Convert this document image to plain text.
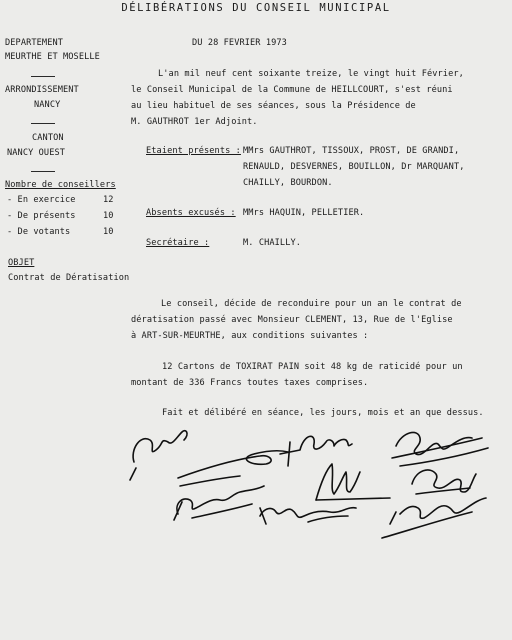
DÉLIBÉRATIONS DU CONSEIL MUNICIPAL
DEPARTEMENT
MEURTHE ET MOSELLE
ARRONDISSEMENT
NANCY
CANTON
NANCY OUEST
Nombre de conseillers
- En exercice	12
- De présents	10
- De votants	10
OBJET
Contrat de Dératisation
DU 28 FEVRIER 1973
L'an mil neuf cent soixante treize, le vingt huit Février,
le Conseil Municipal de la Commune de HEILLCOURT, s'est réuni
au lieu habituel de ses séances, sous la Présidence de
M. GAUTHROT 1er Adjoint.
Etaient présents : MMrs GAUTHROT, TISSOUX, PROST, DE GRANDI,
RENAULD, DESVERNES, BOUILLON, Dr MARQUANT,
CHAILLY, BOURDON.
Absents excusés : MMrs HAQUIN, PELLETIER.
Secrétaire :	M. CHAILLY.
Le conseil, décide de reconduire pour un an le contrat de
dératisation passé avec Monsieur CLEMENT, 13, Rue de l'Eglise
à ART-SUR-MEURTHE, aux conditions suivantes :
12 Cartons de TOXIRAT PAIN soit 48 kg de raticidé pour un
montant de 336 Francs toutes taxes comprises.
Fait et délibéré en séance, les jours, mois et an que dessus.
